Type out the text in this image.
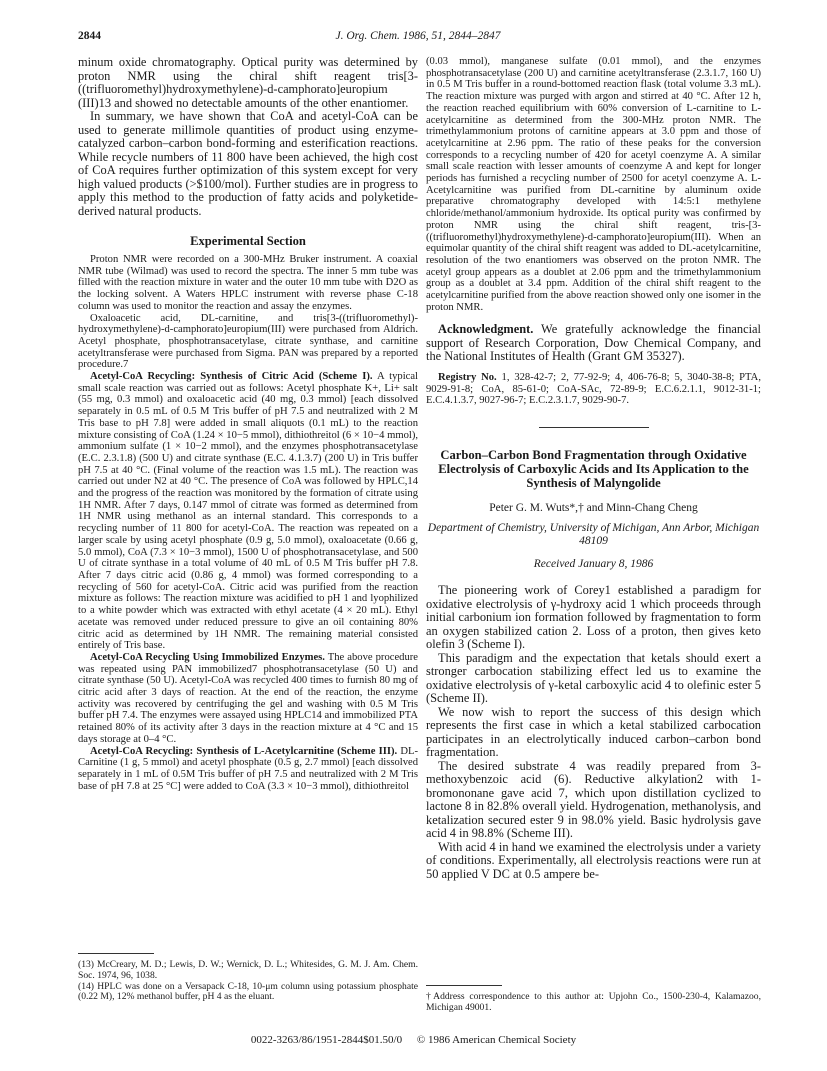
2844	J. Org. Chem. 1986, 51, 2844–2847

minum oxide chromatography. Optical purity was determined by proton NMR using the chiral shift reagent tris[3-((trifluoromethyl)hydroxymethylene)-d-camphorato]europium (III)13 and showed no detectable amounts of the other enantiomer.

In summary, we have shown that CoA and acetyl-CoA can be used to generate millimole quantities of product using enzyme-catalyzed carbon–carbon bond-forming and esterification reactions. While recycle numbers of 11 800 have been achieved, the high cost of CoA requires further optimization of this system except for very high valued products (>$100/mol). Further studies are in progress to apply this method to the production of fatty acids and polyketide-derived natural products.

Experimental Section

Proton NMR were recorded on a 300-MHz Bruker instrument. A coaxial NMR tube (Wilmad) was used to record the spectra. The inner 5 mm tube was filled with the reaction mixture in water and the outer 10 mm tube with D2O as the locking solvent. A Waters HPLC instrument with reverse phase C-18 column was used to monitor the reaction and assay the enzymes.

Oxaloacetic acid, DL-carnitine, and tris[3-((trifluoromethyl)-hydroxymethylene)-d-camphorato]europium(III) were purchased from Aldrich. Acetyl phosphate, phosphotransacetylase, citrate synthase, and carnitine acetyltransferase were purchased from Sigma. PAN was prepared by a reported procedure.7

Acetyl-CoA Recycling: Synthesis of Citric Acid (Scheme I). A typical small scale reaction was carried out as follows: Acetyl phosphate K+, Li+ salt (55 mg, 0.3 mmol) and oxaloacetic acid (40 mg, 0.3 mmol) [each dissolved separately in 0.5 mL of 0.5 M Tris buffer of pH 7.5 and neutralized with 2 M Tris base to pH 7.8] were added in small aliquots (0.1 mL) to the reaction mixture consisting of CoA (1.24 × 10−5 mmol), dithiothreitol (6 × 10−4 mmol), ammonium sulfate (1 × 10−2 mmol), and the enzymes phosphotransacetylase (E.C. 2.3.1.8) (500 U) and citrate synthase (E.C. 4.1.3.7) (200 U) in Tris buffer pH 7.5 at 40 °C. (Final volume of the reaction was 1.5 mL). The reaction was carried out under N2 at 40 °C. The presence of CoA was followed by HPLC,14 and the progress of the reaction was monitored by the formation of citrate using 1H NMR. After 7 days, 0.147 mmol of citrate was formed as determined from 1H NMR using methanol as an internal standard. This corresponds to a recycling number of 11 800 for acetyl-CoA. The reaction was repeated on a larger scale by using acetyl phosphate (0.9 g, 5.0 mmol), oxaloacetate (0.66 g, 5.0 mmol), CoA (7.3 × 10−3 mmol), 1500 U of phosphotransacetylase, and 500 U of citrate synthase in a total volume of 40 mL of 0.5 M Tris buffer pH 7.8. After 7 days citric acid (0.86 g, 4 mmol) was formed corresponding to a recycling of 560 for acetyl-CoA. Citric acid was purified from the reaction mixture as follows: The reaction mixture was acidified to pH 1 and lyophilized to a white powder which was extracted with ethyl acetate (4 × 20 mL). Ethyl acetate was removed under reduced pressure to give an oil containing 80% citric acid as determined by 1H NMR. The remaining material consisted entirely of Tris base.

Acetyl-CoA Recycling Using Immobilized Enzymes. The above procedure was repeated using PAN immobilized7 phosphotransacetylase (50 U) and citrate synthase (50 U). Acetyl-CoA was recycled 400 times to furnish 80 mg of citric acid after 3 days of reaction. At the end of the reaction, the enzyme activity was recovered by centrifuging the gel and washing with 0.5 M Tris buffer pH 7.4. The enzymes were assayed using HPLC14 and immobilized PTA retained 80% of its activity after 3 days in the reaction mixture at 4 °C and 15 days storage at 0–4 °C.

Acetyl-CoA Recycling: Synthesis of L-Acetylcarnitine (Scheme III). DL-Carnitine (1 g, 5 mmol) and acetyl phosphate (0.5 g, 2.7 mmol) [each dissolved separately in 1 mL of 0.5M Tris buffer of pH 7.5 and neutralized with 2 M Tris base of pH 7.8 at 25 °C] were added to CoA (3.3 × 10−3 mmol), dithiothreitol

(13) McCreary, M. D.; Lewis, D. W.; Wernick, D. L.; Whitesides, G. M. J. Am. Chem. Soc. 1974, 96, 1038.

(14) HPLC was done on a Versapack C-18, 10-μm column using potassium phosphate (0.22 M), 12% methanol buffer, pH 4 as the eluant.

(0.03 mmol), manganese sulfate (0.01 mmol), and the enzymes phosphotransacetylase (200 U) and carnitine acetyltransferase (2.3.1.7, 160 U) in 0.5 M Tris buffer in a round-bottomed reaction flask (total volume 3.3 mL). The reaction mixture was purged with argon and stirred at 40 °C. After 12 h, the reaction reached equilibrium with 60% conversion of L-carnitine to L-acetylcarnitine as determined from the 300-MHz proton NMR. The trimethylammonium protons of carnitine appears at 3.0 ppm and those of acetylcarnitine at 2.96 ppm. The ratio of these peaks for the conversion corresponds to a recycling number of 420 for acetyl coenzyme A. A similar small scale reaction with lesser amounts of coenzyme A and kept for longer periods has furnished a recycling number of 2500 for acetyl coenzyme A. L-Acetylcarnitine was purified from DL-carnitine by aluminum oxide preparative chromatography developed with 14:5:1 methylene chloride/methanol/ammonium hydroxide. Its optical purity was confirmed by proton NMR using the chiral shift reagent, tris-[3-((trifluoromethyl)hydroxymethylene)-d-camphorato]europium(III). When an equimolar quantity of the chiral shift reagent was added to DL-acetylcarnitine, resolution of the two enantiomers was observed on the proton NMR. The acetyl group appears as a doublet at 2.06 ppm and the trimethylammonium group as a doublet at 3.4 ppm. Addition of the chiral shift reagent to the acetylcarnitine purified from the above reaction showed only one isomer in the proton NMR.

Acknowledgment. We gratefully acknowledge the financial support of Research Corporation, Dow Chemical Company, and the National Institutes of Health (Grant GM 35327).

Registry No. 1, 328-42-7; 2, 77-92-9; 4, 406-76-8; 5, 3040-38-8; PTA, 9029-91-8; CoA, 85-61-0; CoA-SAc, 72-89-9; E.C.6.2.1.1, 9012-31-1; E.C.4.1.3.7, 9027-96-7; E.C.2.3.1.7, 9029-90-7.

Carbon–Carbon Bond Fragmentation through Oxidative Electrolysis of Carboxylic Acids and Its Application to the Synthesis of Malyngolide
Peter G. M. Wuts*,† and Minn-Chang Cheng
Department of Chemistry, University of Michigan, Ann Arbor, Michigan 48109
Received January 8, 1986

The pioneering work of Corey1 established a paradigm for oxidative electrolysis of γ-hydroxy acid 1 which proceeds through initial carbonium ion formation followed by fragmentation to form an oxygen stabilized cation 2. Loss of a proton, then gives keto olefin 3 (Scheme I).

This paradigm and the expectation that ketals should exert a stronger carbocation stabilizing effect led us to examine the oxidative electrolysis of γ-ketal carboxylic acid 4 to olefinic ester 5 (Scheme II).

We now wish to report the success of this design which represents the first case in which a ketal stabilized carbocation participates in an electrolytically induced carbon–carbon bond fragmentation.

The desired substrate 4 was readily prepared from 3-methoxybenzoic acid (6). Reductive alkylation2 with 1-bromononane gave acid 7, which upon distillation cyclized to lactone 8 in 82.8% overall yield. Hydrogenation, methanolysis, and ketalization secured ester 9 in 98.0% yield. Basic hydrolysis gave acid 4 in 98.8% (Scheme III).

With acid 4 in hand we examined the electrolysis under a variety of conditions. Experimentally, all electrolysis reactions were run at 50 applied V DC at 0.5 ampere be-

†Address correspondence to this author at: Upjohn Co., 1500-230-4, Kalamazoo, Michigan 49001.

0022-3263/86/1951-2844$01.50/0 © 1986 American Chemical Society
